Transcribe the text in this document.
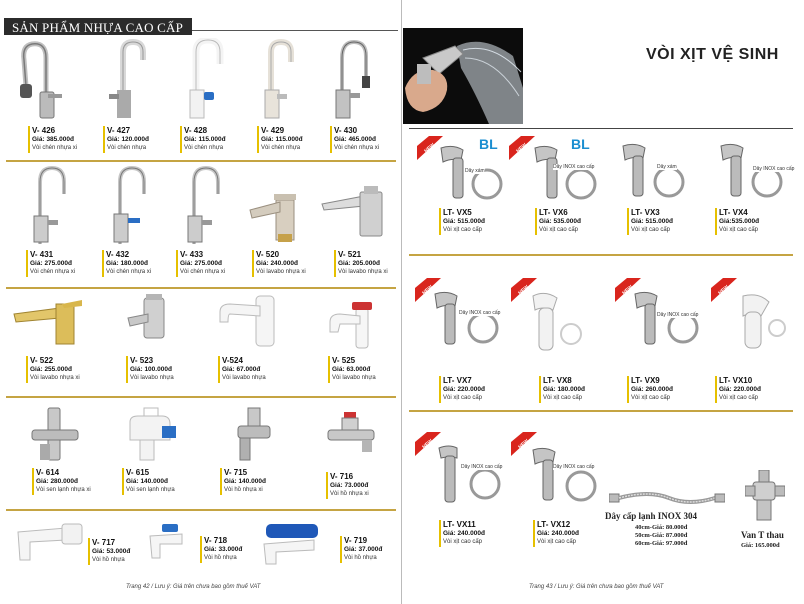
SẢN PHẨM NHỰA CAO CẤP
V- 426
Giá: 385.000đ
Vòi chén nhựa xi
V- 427
Giá: 120.000đ
Vòi chén nhựa
V- 428
Giá: 115.000đ
Vòi chén nhựa
V- 429
Giá: 115.000đ
Vòi chén nhựa
V- 430
Giá: 465.000đ
Vòi chén nhựa xi
V- 431
Giá: 275.000đ
Vòi chén nhựa xi
V- 432
Giá: 180.000đ
Vòi chén nhựa xi
V- 433
Giá: 275.000đ
Vòi chén nhựa xi
V- 520
Giá: 240.000đ
Vòi lavabo nhựa xi
V- 521
Giá: 205.000đ
Vòi lavabo nhựa xi
V- 522
Giá: 255.000đ
Vòi lavabo nhựa xi
V- 523
Giá: 100.000đ
Vòi lavabo nhựa
V-524
Giá: 67.000đ
Vòi lavabo nhựa
V- 525
Giá: 63.000đ
Vòi lavabo nhựa
V- 614
Giá: 280.000đ
Vòi sen lạnh nhựa xi
V- 615
Giá: 140.000đ
Vòi sen lạnh nhựa
V- 715
Giá: 140.000đ
Vòi hồ nhựa xi
V- 716
Giá: 73.000đ
Vòi hồ nhựa xi
V- 717
Giá: 53.000đ
Vòi hồ nhựa
V- 718
Giá: 33.000đ
Vòi hồ nhựa
V- 719
Giá: 37.000đ
Vòi hồ nhựa
Trang 42 / Lưu ý: Giá trên chưa bao gồm thuế VAT
VÒI XỊT VỆ SINH
NEW
Dây xám
BL
LT- VX5
Giá: 515.000đ
Vòi xịt cao cấp
NEW
Dây INOX cao cấp
BL
LT- VX6
Giá: 535.000đ
Vòi xịt cao cấp
Dây xám
LT- VX3
Giá: 515.000đ
Vòi xịt cao cấp
Dây INOX cao cấp
LT- VX4
Giá:535.000đ
Vòi xịt cao cấp
NEW
Dây INOX cao cấp
LT- VX7
Giá: 220.000đ
Vòi xịt cao cấp
NEW
LT- VX8
Giá: 180.000đ
Vòi xịt cao cấp
NEW
Dây INOX cao cấp
LT- VX9
Giá: 260.000đ
Vòi xịt cao cấp
NEW
LT- VX10
Giá: 220.000đ
Vòi xịt cao cấp
NEW
Dây INOX cao cấp
LT- VX11
Giá: 240.000đ
Vòi xịt cao cấp
NEW
Dây INOX cao cấp
LT- VX12
Giá: 240.000đ
Vòi xịt cao cấp
Dây cấp lạnh INOX 304
40cm-Giá: 80.000đ
50cm-Giá: 87.000đ
60cm-Giá: 97.000đ
Van T thau
Giá: 165.000đ
Trang 43 / Lưu ý: Giá trên chưa bao gồm thuế VAT
